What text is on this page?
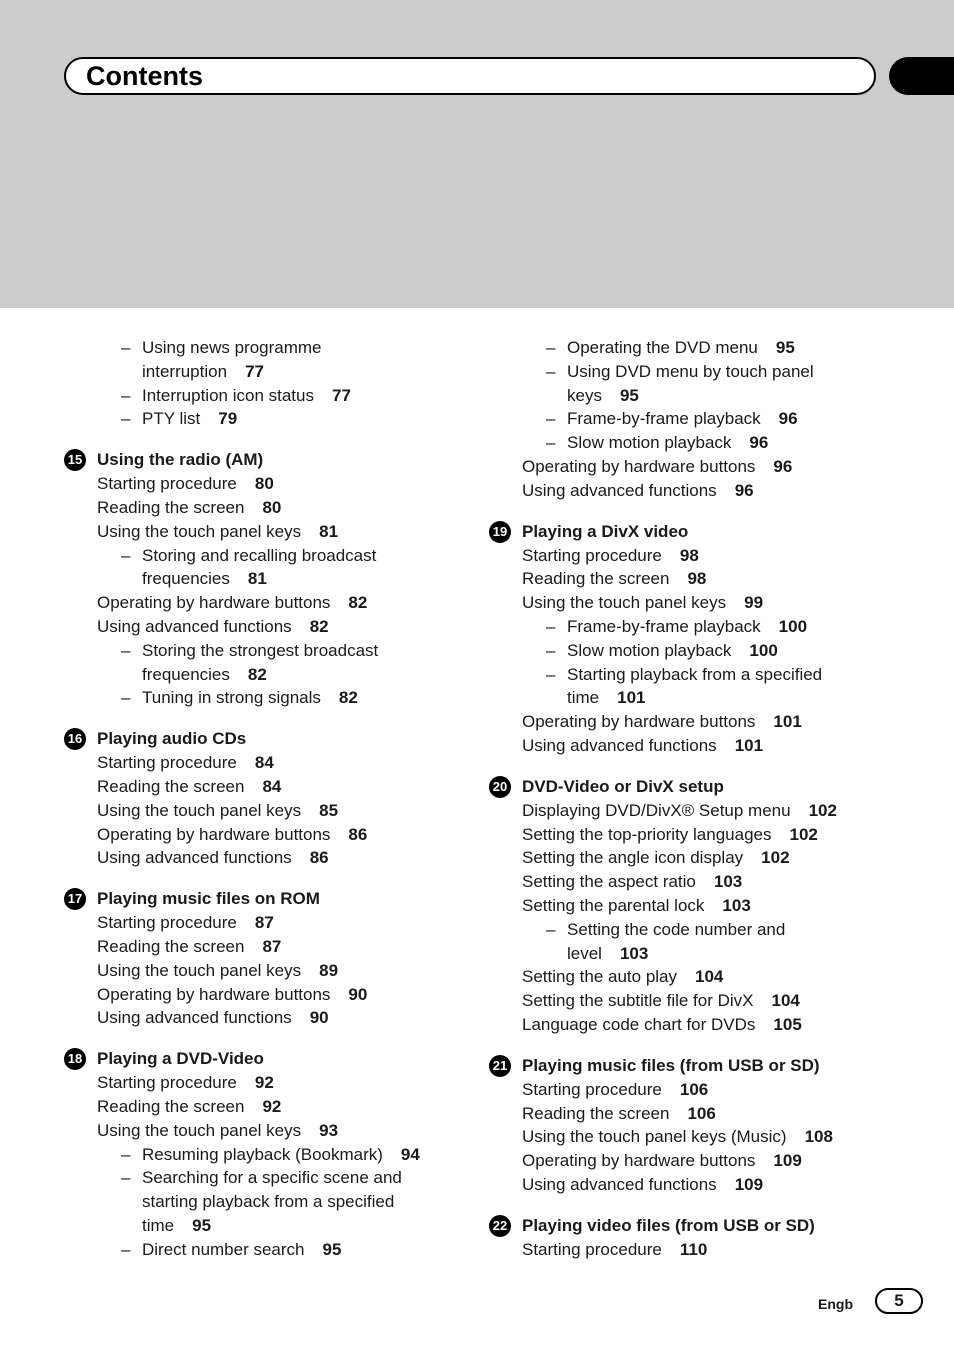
Contents
– Using news programme
interruption 77
– Interruption icon status 77
– PTY list 79
15 Using the radio (AM)
Starting procedure 80
Reading the screen 80
Using the touch panel keys 81
– Storing and recalling broadcast
frequencies 81
Operating by hardware buttons 82
Using advanced functions 82
– Storing the strongest broadcast
frequencies 82
– Tuning in strong signals 82
16 Playing audio CDs
Starting procedure 84
Reading the screen 84
Using the touch panel keys 85
Operating by hardware buttons 86
Using advanced functions 86
17 Playing music files on ROM
Starting procedure 87
Reading the screen 87
Using the touch panel keys 89
Operating by hardware buttons 90
Using advanced functions 90
18 Playing a DVD-Video
Starting procedure 92
Reading the screen 92
Using the touch panel keys 93
– Resuming playback (Bookmark) 94
– Searching for a specific scene and
starting playback from a specified
time 95
– Direct number search 95
– Operating the DVD menu 95
– Using DVD menu by touch panel
keys 95
– Frame-by-frame playback 96
– Slow motion playback 96
Operating by hardware buttons 96
Using advanced functions 96
19 Playing a DivX video
Starting procedure 98
Reading the screen 98
Using the touch panel keys 99
– Frame-by-frame playback 100
– Slow motion playback 100
– Starting playback from a specified
time 101
Operating by hardware buttons 101
Using advanced functions 101
20 DVD-Video or DivX setup
Displaying DVD/DivX® Setup menu 102
Setting the top-priority languages 102
Setting the angle icon display 102
Setting the aspect ratio 103
Setting the parental lock 103
– Setting the code number and
level 103
Setting the auto play 104
Setting the subtitle file for DivX 104
Language code chart for DVDs 105
21 Playing music files (from USB or SD)
Starting procedure 106
Reading the screen 106
Using the touch panel keys (Music) 108
Operating by hardware buttons 109
Using advanced functions 109
22 Playing video files (from USB or SD)
Starting procedure 110
Engb	5
